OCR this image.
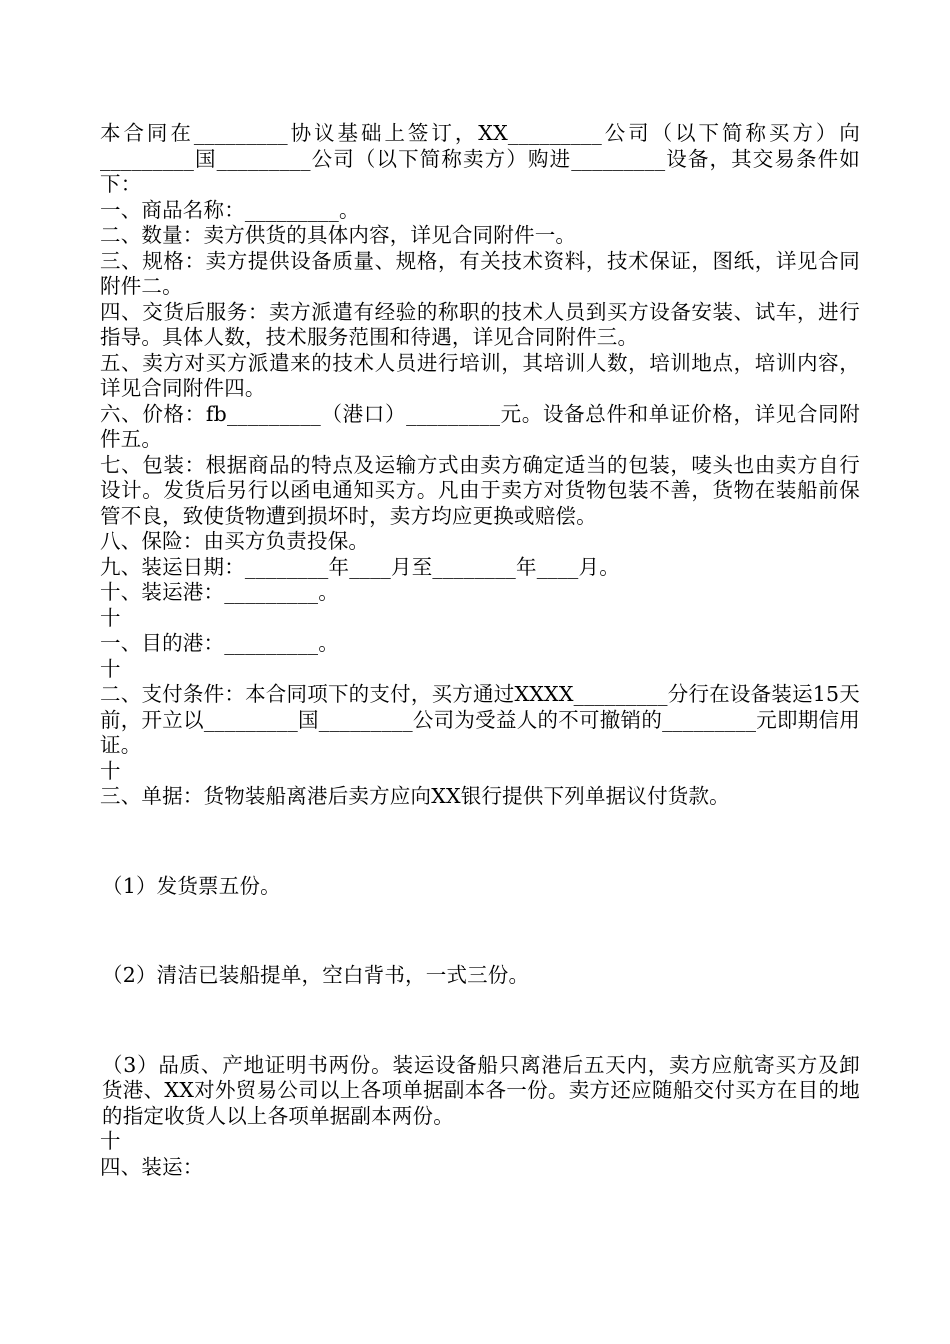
本合同在_________协议基础上签订，XX_________公司（以下简称买方）向_________国_________公司（以下简称卖方）购进_________设备，其交易条件如下：

一、商品名称：_________。

二、数量：卖方供货的具体内容，详见合同附件一。

三、规格：卖方提供设备质量、规格，有关技术资料，技术保证，图纸，详见合同附件二。

四、交货后服务：卖方派遣有经验的称职的技术人员到买方设备安装、试车，进行指导。具体人数，技术服务范围和待遇，详见合同附件三。

五、卖方对买方派遣来的技术人员进行培训，其培训人数，培训地点，培训内容，详见合同附件四。

六、价格：fb_________（港口）_________元。设备总件和单证价格，详见合同附件五。

七、包装：根据商品的特点及运输方式由卖方确定适当的包装，唛头也由卖方自行设计。发货后另行以函电通知买方。凡由于卖方对货物包装不善，货物在装船前保管不良，致使货物遭到损坏时，卖方均应更换或赔偿。

八、保险：由买方负责投保。

九、装运日期：________年____月至________年____月。

十、装运港：_________。

十

一、目的港：_________。

十

二、支付条件：本合同项下的支付，买方通过XXXX_________分行在设备装运15天前，开立以_________国_________公司为受益人的不可撤销的_________元即期信用证。

十

三、单据：货物装船离港后卖方应向XX银行提供下列单据议付货款。

（1）发货票五份。

（2）清洁已装船提单，空白背书，一式三份。

（3）品质、产地证明书两份。装运设备船只离港后五天内，卖方应航寄买方及卸货港、XX对外贸易公司以上各项单据副本各一份。卖方还应随船交付买方在目的地的指定收货人以上各项单据副本两份。

十

四、装运：
